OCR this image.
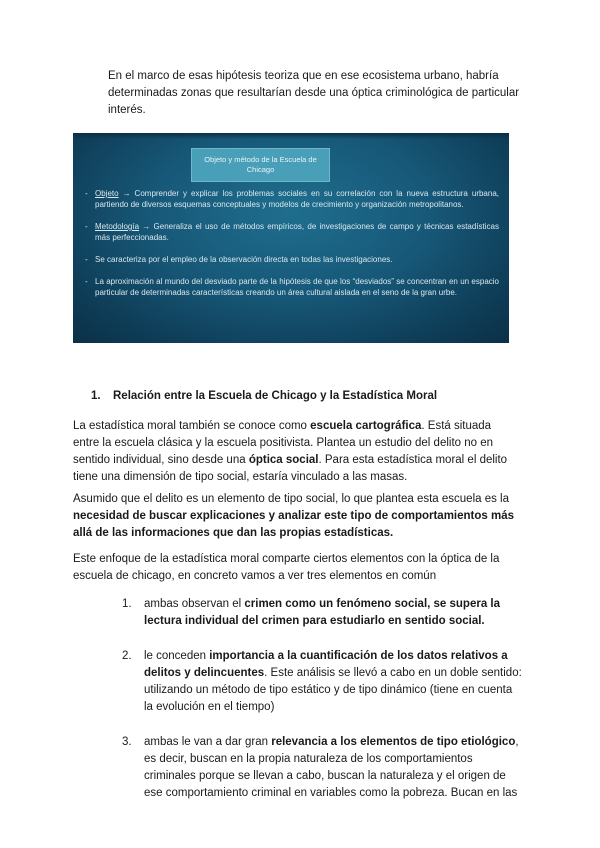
En el marco de esas hipótesis teoriza que en ese ecosistema urbano, habría determinadas zonas que resultarían desde una óptica criminológica de particular interés.

Objeto y método de la Escuela de Chicago
- Objeto → Comprender y explicar los problemas sociales en su correlación con la nueva estructura urbana, partiendo de diversos esquemas conceptuales y modelos de crecimiento y organización metropolitanos.
- Metodología → Generaliza el uso de métodos empíricos, de investigaciones de campo y técnicas estadísticas más perfeccionadas.
- Se caracteriza por el empleo de la observación directa en todas las investigaciones.
- La aproximación al mundo del desviado parte de la hipótesis de que los “desviados” se concentran en un espacio particular de determinadas características creando un área cultural aislada en el seno de la gran urbe.
1. Relación entre la Escuela de Chicago y la Estadística Moral

La estadística moral también se conoce como escuela cartográfica. Está situada entre la escuela clásica y la escuela positivista. Plantea un estudio del delito no en sentido individual, sino desde una óptica social. Para esta estadística moral el delito tiene una dimensión de tipo social, estaría vinculado a las masas.

Asumido que el delito es un elemento de tipo social, lo que plantea esta escuela es la necesidad de buscar explicaciones y analizar este tipo de comportamientos más allá de las informaciones que dan las propias estadísticas.

Este enfoque de la estadística moral comparte ciertos elementos con la óptica de la escuela de chicago, en concreto vamos a ver tres elementos en común

1. ambas observan el crimen como un fenómeno social, se supera la lectura individual del crimen para estudiarlo en sentido social.
2. le conceden importancia a la cuantificación de los datos relativos a delitos y delincuentes. Este análisis se llevó a cabo en un doble sentido: utilizando un método de tipo estático y de tipo dinámico (tiene en cuenta la evolución en el tiempo)
3. ambas le van a dar gran relevancia a los elementos de tipo etiológico, es decir, buscan en la propia naturaleza de los comportamientos criminales porque se llevan a cabo, buscan la naturaleza y el origen de ese comportamiento criminal en variables como la pobreza. Bucan en las
